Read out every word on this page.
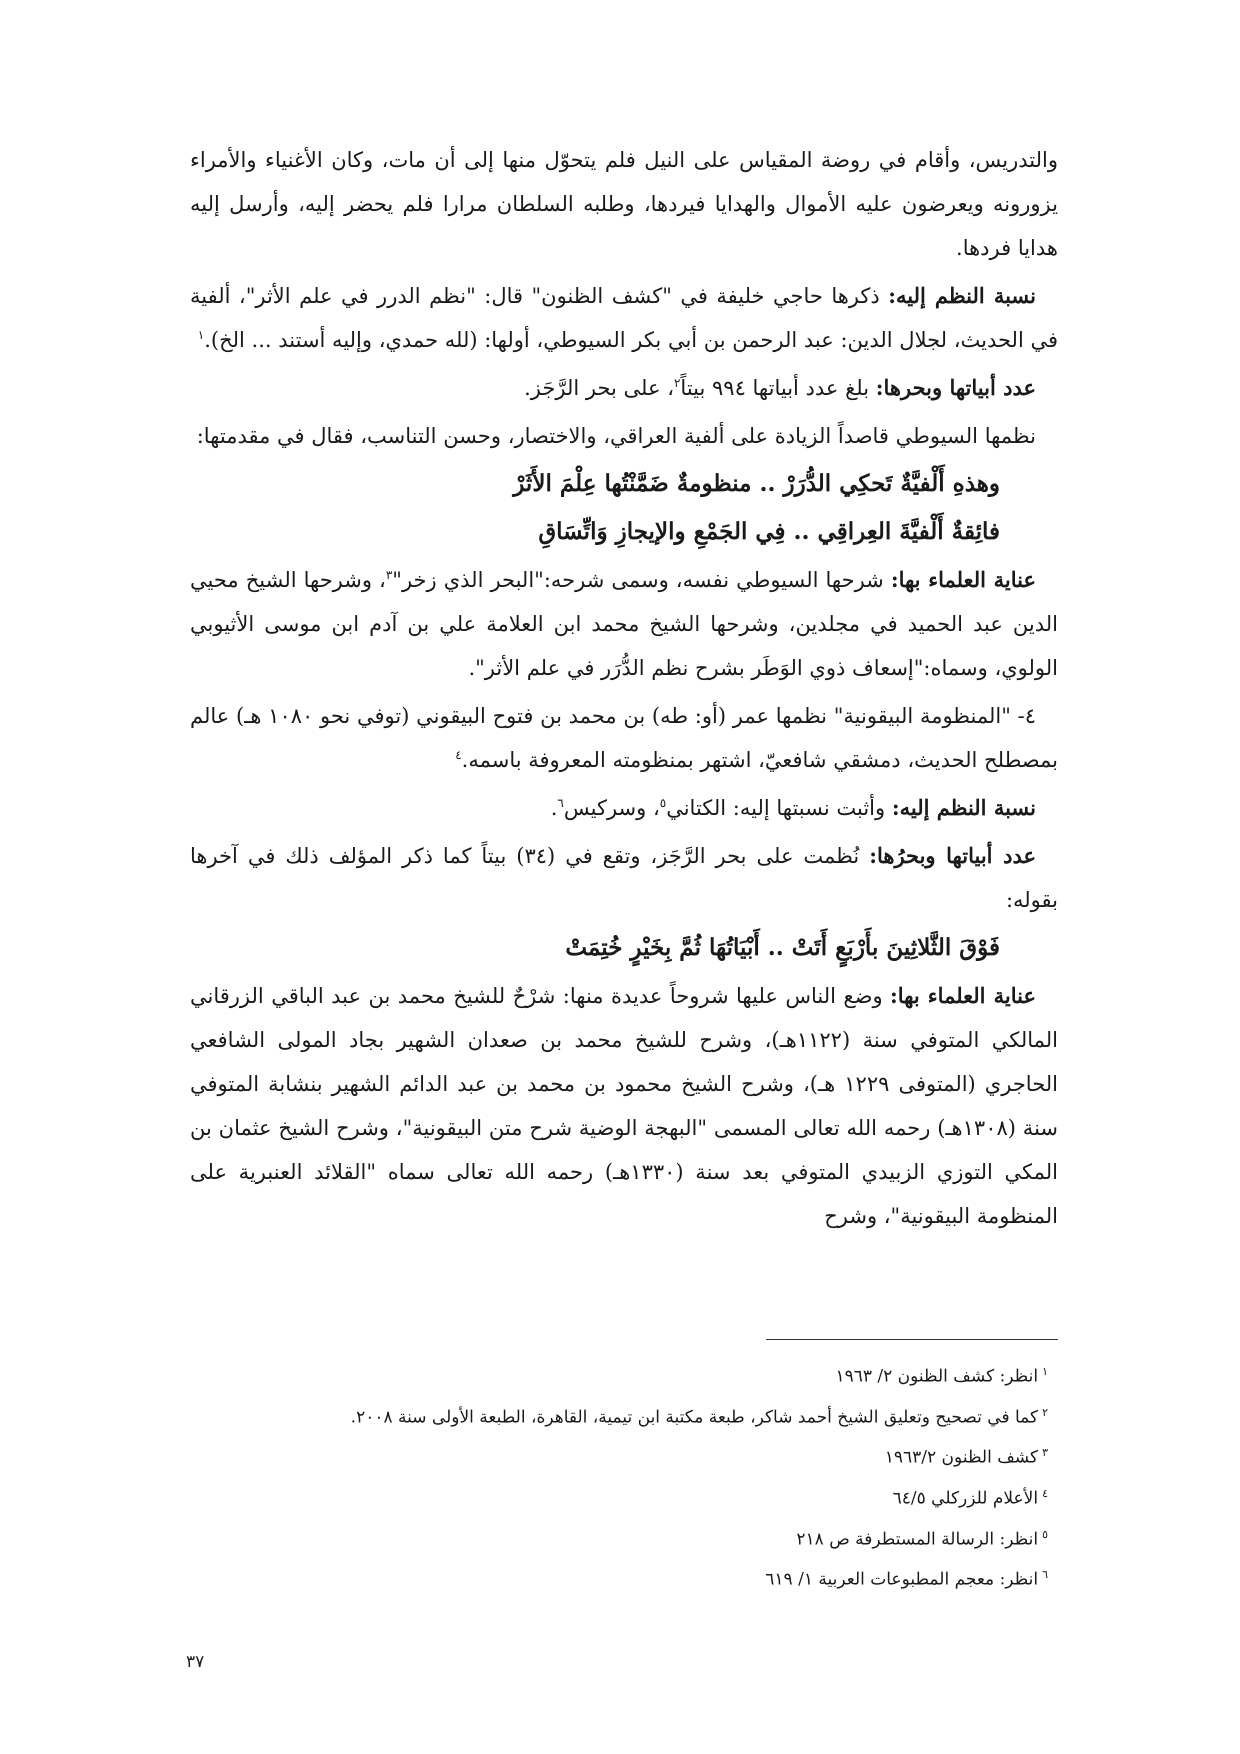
والتدريس، وأقام في روضة المقياس على النيل فلم يتحوّل منها إلى أن مات، وكان الأغنياء والأمراء يزورونه ويعرضون عليه الأموال والهدايا فيردها، وطلبه السلطان مرارا فلم يحضر إليه، وأرسل إليه هدايا فردها.

نسبة النظم إليه: ذكرها حاجي خليفة في "كشف الظنون" قال: "نظم الدرر في علم الأثر"، ألفية في الحديث، لجلال الدين: عبد الرحمن بن أبي بكر السيوطي، أولها: (لله حمدي، وإليه أستند ... الخ).$^١$

عدد أبياتها وبحرها: بلغ عدد أبياتها ٩٩٤ بيتاً$^٢$، على بحر الرَّجَز.

نظمها السيوطي قاصداً الزيادة على ألفية العراقي، والاختصار، وحسن التناسب، فقال في مقدمتها:

وهذهِ أَلْفيَّةٌ تَحكِي الدُّرَرْ .. منظومةٌ ضَمَّنْتُها عِلْمَ الأَثَرْ

فائِقةٌ أَلْفيَّةَ العِراقِي .. فِي الجَمْعِ والإيجازِ وَاتِّسَاقِ

عناية العلماء بها: شرحها السيوطي نفسه، وسمى شرحه:"البحر الذي زخر"$^٣$، وشرحها الشيخ محيي الدين عبد الحميد في مجلدين، وشرحها الشيخ محمد ابن العلامة علي بن آدم ابن موسى الأثيوبي الولوي، وسماه:"إسعاف ذوي الوَطَر بشرح نظم الدُّرَر في علم الأثر".

٤- "المنظومة البيقونية" نظمها عمر (أو: طه) بن محمد بن فتوح البيقوني (توفي نحو ١٠٨٠ هـ) عالم بمصطلح الحديث، دمشقي شافعيّ، اشتهر بمنظومته المعروفة باسمه.$^٤$

نسبة النظم إليه: وأثبت نسبتها إليه: الكتاني$^٥$، وسركيس$^٦$.

عدد أبياتها وبحرُها: نُظمت على بحر الرَّجَز، وتقع في (٣٤) بيتاً كما ذكر المؤلف ذلك في آخرها بقوله:

فَوْقَ الثَّلاثِينَ بأَرْبَعٍ أَتَتْ .. أَبْيَاتُهَا ثُمَّ بِخَيْرٍ خُتِمَتْ

عناية العلماء بها: وضع الناس عليها شروحاً عديدة منها: شرْحٌ للشيخ محمد بن عبد الباقي الزرقاني المالكي المتوفي سنة (١١٢٢هـ)، وشرح للشيخ محمد بن صعدان الشهير بجاد المولى الشافعي الحاجري (المتوفى ١٢٢٩ هـ)، وشرح الشيخ محمود بن محمد بن عبد الدائم الشهير بنشابة المتوفي سنة (١٣٠٨هـ) رحمه الله تعالى المسمى "البهجة الوضية شرح متن البيقونية"، وشرح الشيخ عثمان بن المكي التوزي الزبيدي المتوفي بعد سنة (١٣٣٠هـ) رحمه الله تعالى سماه "القلائد العنبرية على المنظومة البيقونية"، وشرح

$^١$انظر: كشف الظنون ٢/ ١٩٦٣

$^٢$كما في تصحيح وتعليق الشيخ أحمد شاكر، طبعة مكتبة ابن تيمية، القاهرة، الطبعة الأولى سنة ٢٠٠٨.

$^٣$كشف الظنون ١٩٦٣/٢

$^٤$الأعلام للزركلي ٦٤/٥

$^٥$انظر: الرسالة المستطرفة ص ٢١٨

$^٦$انظر: معجم المطبوعات العربية ١/ ٦١٩

٣٧
